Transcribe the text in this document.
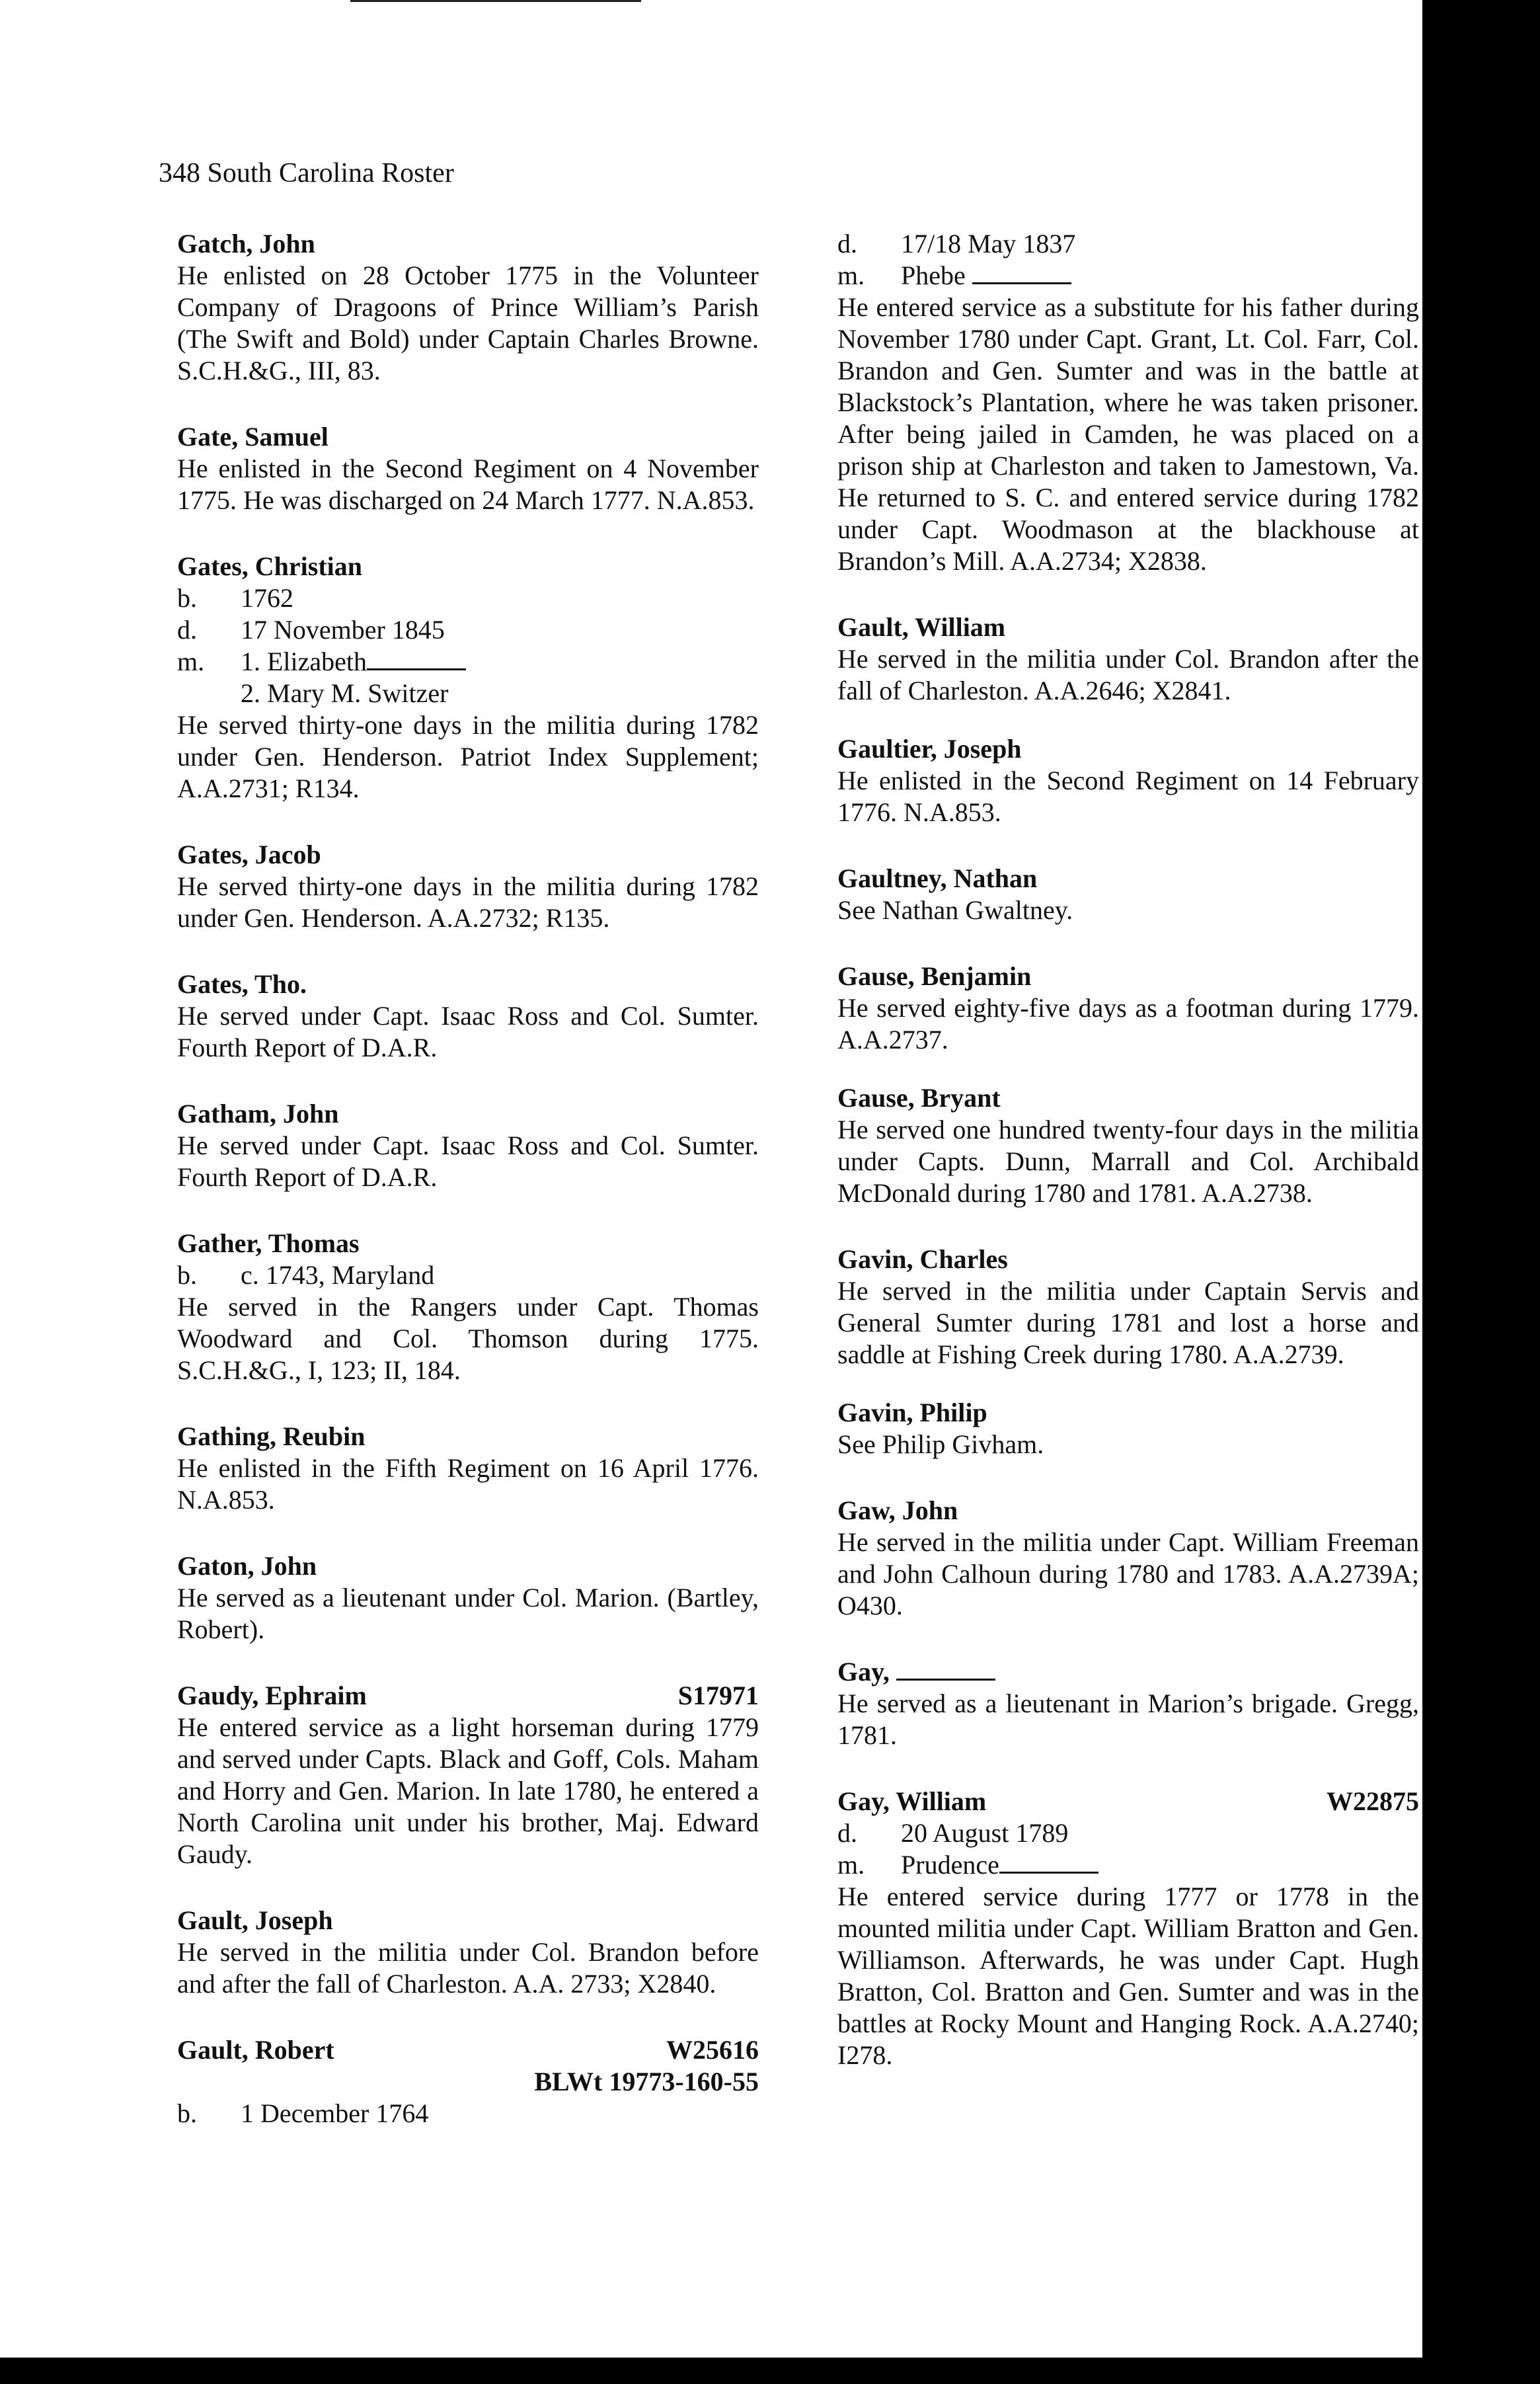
348 South Carolina Roster
Gatch, John

He enlisted on 28 October 1775 in the Volunteer Company of Dragoons of Prince William’s Parish (The Swift and Bold) under Captain Charles Browne. S.C.H.&G., III, 83.

Gate, Samuel

He enlisted in the Second Regiment on 4 November 1775. He was discharged on 24 March 1777. N.A.853.

Gates, Christian
b.	1762
d.	17 November 1845
m.	1. Elizabeth
2. Mary M. Switzer

He served thirty-one days in the militia during 1782 under Gen. Henderson. Patriot Index Supplement; A.A.2731; R134.

Gates, Jacob

He served thirty-one days in the militia during 1782 under Gen. Henderson. A.A.2732; R135.

Gates, Tho.

He served under Capt. Isaac Ross and Col. Sumter. Fourth Report of D.A.R.

Gatham, John

He served under Capt. Isaac Ross and Col. Sumter. Fourth Report of D.A.R.

Gather, Thomas
b.	c. 1743, Maryland

He served in the Rangers under Capt. Thomas Woodward and Col. Thomson during 1775. S.C.H.&G., I, 123; II, 184.

Gathing, Reubin

He enlisted in the Fifth Regiment on 16 April 1776. N.A.853.

Gaton, John

He served as a lieutenant under Col. Marion. (Bartley, Robert).

Gaudy, Ephraim	S17971

He entered service as a light horseman during 1779 and served under Capts. Black and Goff, Cols. Maham and Horry and Gen. Marion. In late 1780, he entered a North Carolina unit under his brother, Maj. Edward Gaudy.

Gault, Joseph

He served in the militia under Col. Brandon before and after the fall of Charleston. A.A. 2733; X2840.

Gault, Robert	W25616
BLWt 19773-160-55
b.	1 December 1764
d.	17/18 May 1837
m.	Phebe

He entered service as a substitute for his father during November 1780 under Capt. Grant, Lt. Col. Farr, Col. Brandon and Gen. Sumter and was in the battle at Blackstock’s Plantation, where he was taken prisoner. After being jailed in Camden, he was placed on a prison ship at Charleston and taken to Jamestown, Va. He returned to S. C. and entered service during 1782 under Capt. Woodmason at the blackhouse at Brandon’s Mill. A.A.2734; X2838.

Gault, William

He served in the militia under Col. Brandon after the fall of Charleston. A.A.2646; X2841.

Gaultier, Joseph

He enlisted in the Second Regiment on 14 February 1776. N.A.853.

Gaultney, Nathan

See Nathan Gwaltney.

Gause, Benjamin

He served eighty-five days as a footman during 1779. A.A.2737.

Gause, Bryant

He served one hundred twenty-four days in the militia under Capts. Dunn, Marrall and Col. Archibald McDonald during 1780 and 1781. A.A.2738.

Gavin, Charles

He served in the militia under Captain Servis and General Sumter during 1781 and lost a horse and saddle at Fishing Creek during 1780. A.A.2739.

Gavin, Philip

See Philip Givham.

Gaw, John

He served in the militia under Capt. William Freeman and John Calhoun during 1780 and 1783. A.A.2739A; O430.

Gay,

He served as a lieutenant in Marion’s brigade. Gregg, 1781.

Gay, William	W22875
d.	20 August 1789
m.	Prudence

He entered service during 1777 or 1778 in the mounted militia under Capt. William Bratton and Gen. Williamson. Afterwards, he was under Capt. Hugh Bratton, Col. Bratton and Gen. Sumter and was in the battles at Rocky Mount and Hanging Rock. A.A.2740; I278.
